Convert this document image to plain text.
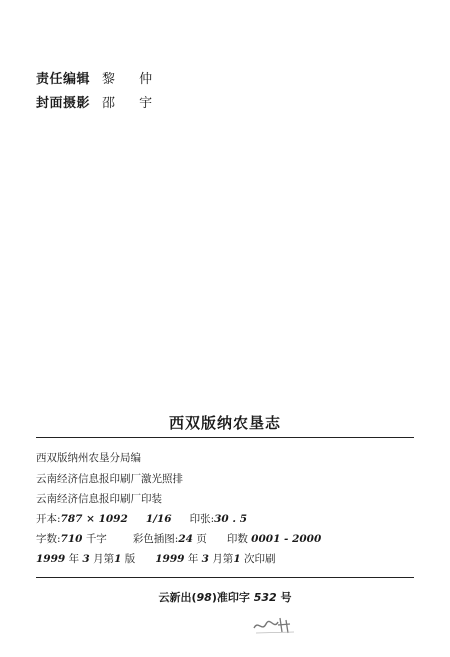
责任编辑 黎 仲
封面摄影 邵 宇
西双版纳农垦志
西双版纳州农垦分局编
云南经济信息报印刷厂激光照排
云南经济信息报印刷厂印装
开本:787 × 1092 1/16 印张:30 . 5
字数:710 千字 彩色插图:24 页 印数 0001 - 2000
1999 年 3 月第1 版 1999 年 3 月第1 次印刷
云新出(98)准印字 532 号
